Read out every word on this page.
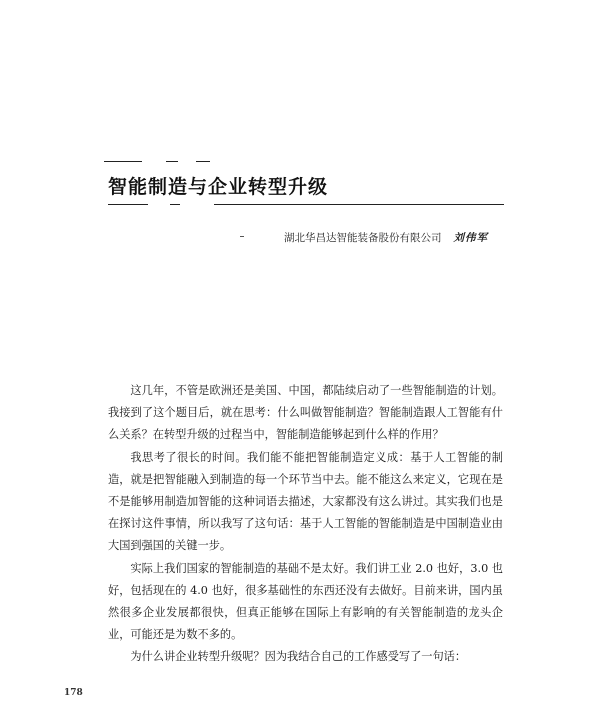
智能制造与企业转型升级
湖北华昌达智能装备股份有限公司 刘伟军

这几年，不管是欧洲还是美国、中国，都陆续启动了一些智能制造的计划。我接到了这个题目后，就在思考：什么叫做智能制造？智能制造跟人工智能有什么关系？在转型升级的过程当中，智能制造能够起到什么样的作用？

我思考了很长的时间。我们能不能把智能制造定义成：基于人工智能的制造，就是把智能融入到制造的每一个环节当中去。能不能这么来定义，它现在是不是能够用制造加智能的这种词语去描述，大家都没有这么讲过。其实我们也是在探讨这件事情，所以我写了这句话：基于人工智能的智能制造是中国制造业由大国到强国的关键一步。

实际上我们国家的智能制造的基础不是太好。我们讲工业 2.0 也好，3.0 也好，包括现在的 4.0 也好，很多基础性的东西还没有去做好。目前来讲，国内虽然很多企业发展都很快，但真正能够在国际上有影响的有关智能制造的龙头企业，可能还是为数不多的。

为什么讲企业转型升级呢？因为我结合自己的工作感受写了一句话：

178
